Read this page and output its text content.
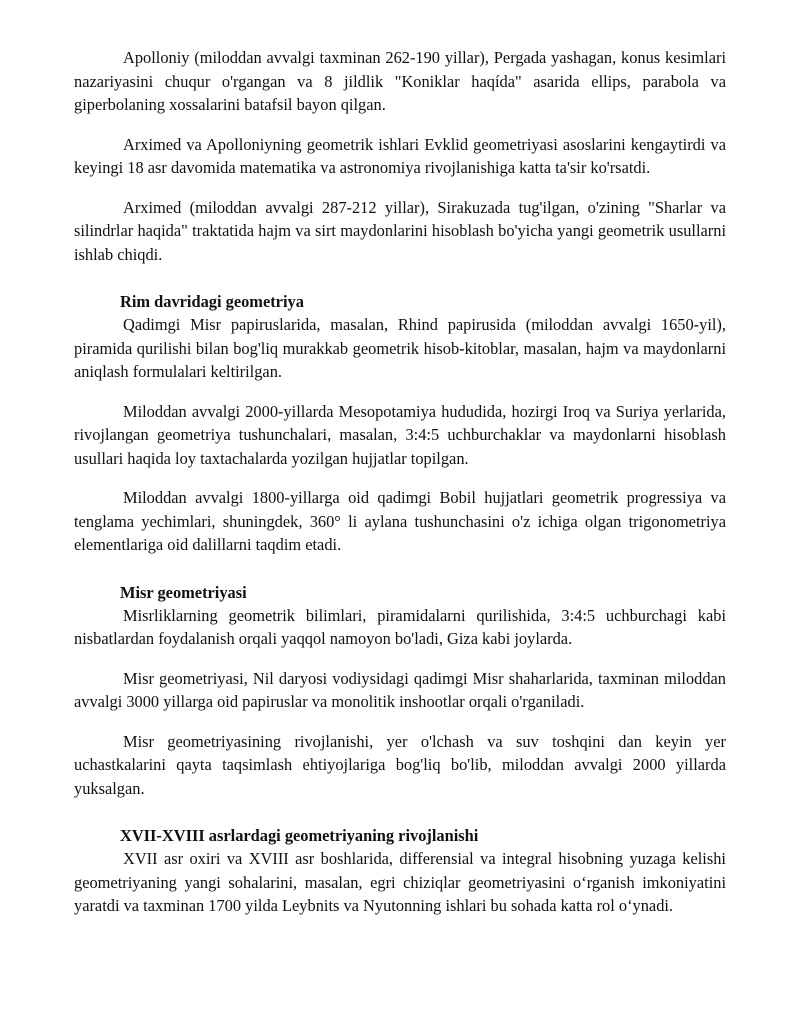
Apolloniy (miloddan avvalgi taxminan 262-190 yillar), Pergada yashagan, konus kesimlari nazariyasini chuqur o'rgangan va 8 jildlik "Koniklar haqída" asarida ellips, parabola va giperbolaning xossalarini batafsil bayon qilgan.

Arximed va Apolloniyning geometrik ishlari Evklid geometriyasi asoslarini kengaytirdi va keyingi 18 asr davomida matematika va astronomiya rivojlanishiga katta ta'sir ko'rsatdi.

Arximed (miloddan avvalgi 287-212 yillar), Sirakuzada tug'ilgan, o'zining "Sharlar va silindrlar haqida" traktatida hajm va sirt maydonlarini hisoblash bo'yicha yangi geometrik usullarni ishlab chiqdi.

Rim davridagi geometriya

Qadimgi Misr papiruslarida, masalan, Rhind papirusida (miloddan avvalgi 1650-yil), piramida qurilishi bilan bog'liq murakkab geometrik hisob-kitoblar, masalan, hajm va maydonlarni aniqlash formulalari keltirilgan.

Miloddan avvalgi 2000-yillarda Mesopotamiya hududida, hozirgi Iroq va Suriya yerlarida, rivojlangan geometriya tushunchalari, masalan, 3:4:5 uchburchaklar va maydonlarni hisoblash usullari haqida loy taxtachalarda yozilgan hujjatlar topilgan.

Miloddan avvalgi 1800-yillarga oid qadimgi Bobil hujjatlari geometrik progressiya va tenglama yechimlari, shuningdek, 360° li aylana tushunchasini o'z ichiga olgan trigonometriya elementlariga oid dalillarni taqdim etadi.

Misr geometriyasi

Misrliklarning geometrik bilimlari, piramidalarni qurilishida, 3:4:5 uchburchagi kabi nisbatlardan foydalanish orqali yaqqol namoyon bo'ladi, Giza kabi joylarda.

Misr geometriyasi, Nil daryosi vodiysidagi qadimgi Misr shaharlarida, taxminan miloddan avvalgi 3000 yillarga oid papiruslar va monolitik inshootlar orqali o'rganiladi.

Misr geometriyasining rivojlanishi, yer o'lchash va suv toshqini dan keyin yer uchastkalarini qayta taqsimlash ehtiyojlariga bog'liq bo'lib, miloddan avvalgi 2000 yillarda yuksalgan.

XVII-XVIII asrlardagi geometriyaning rivojlanishi

XVII asr oxiri va XVIII asr boshlarida, differensial va integral hisobning yuzaga kelishi geometriyaning yangi sohalarini, masalan, egri chiziqlar geometriyasini o‘rganish imkoniyatini yaratdi va taxminan 1700 yilda Leybnits va Nyutonning ishlari bu sohada katta rol o‘ynadi.
